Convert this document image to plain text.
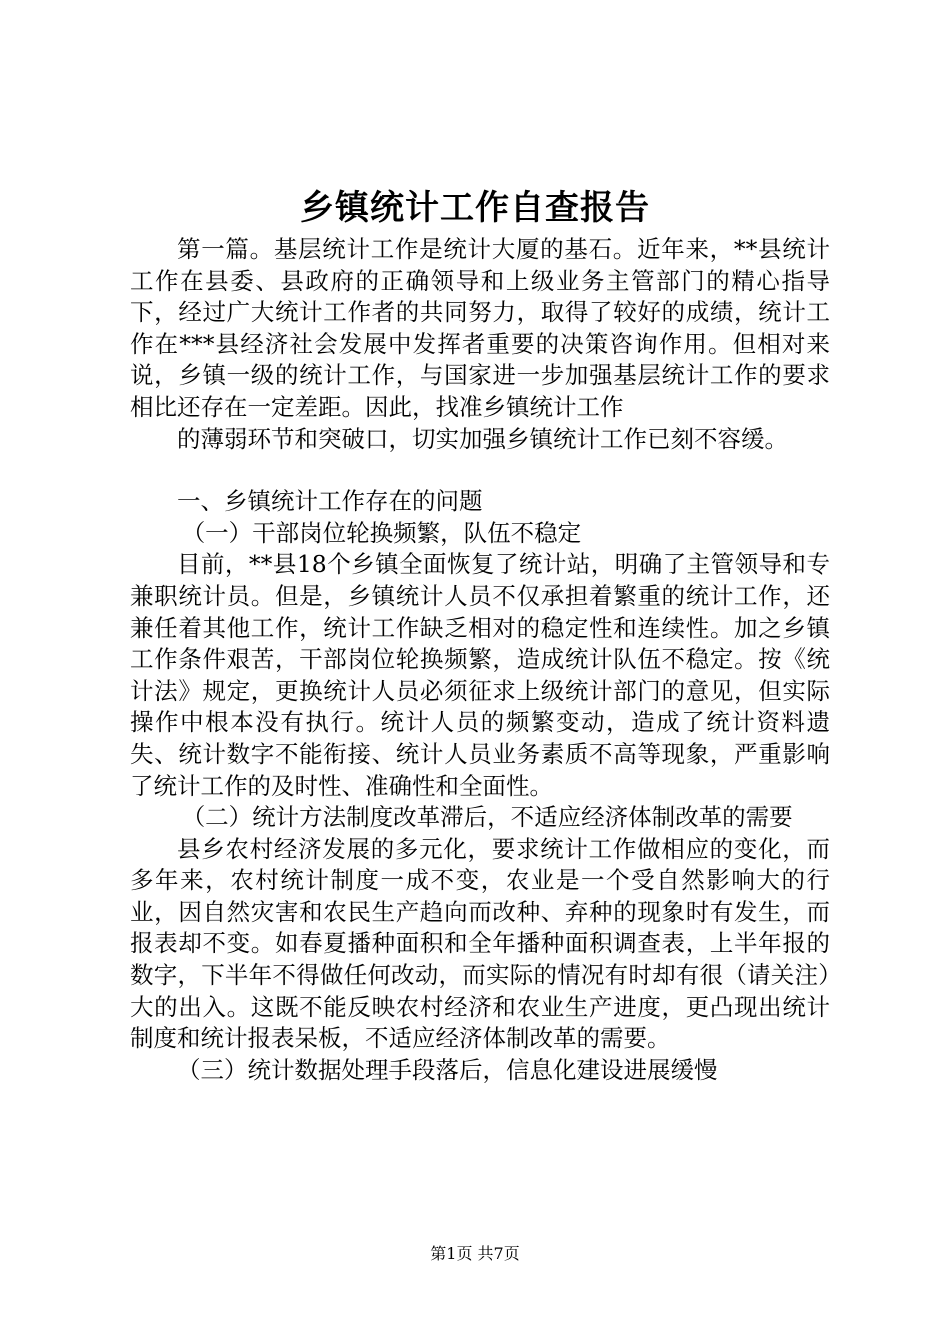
乡镇统计工作自查报告

第一篇。基层统计工作是统计大厦的基石。近年来，**县统计工作在县委、县政府的正确领导和上级业务主管部门的精心指导下，经过广大统计工作者的共同努力，取得了较好的成绩，统计工作在***县经济社会发展中发挥者重要的决策咨询作用。但相对来说，乡镇一级的统计工作，与国家进一步加强基层统计工作的要求相比还存在一定差距。因此，找准乡镇统计工作

的薄弱环节和突破口，切实加强乡镇统计工作已刻不容缓。

一、乡镇统计工作存在的问题

（一）干部岗位轮换频繁，队伍不稳定

目前，**县18个乡镇全面恢复了统计站，明确了主管领导和专兼职统计员。但是，乡镇统计人员不仅承担着繁重的统计工作，还兼任着其他工作，统计工作缺乏相对的稳定性和连续性。加之乡镇工作条件艰苦，干部岗位轮换频繁，造成统计队伍不稳定。按《统计法》规定，更换统计人员必须征求上级统计部门的意见，但实际操作中根本没有执行。统计人员的频繁变动，造成了统计资料遗失、统计数字不能衔接、统计人员业务素质不高等现象，严重影响了统计工作的及时性、准确性和全面性。

（二）统计方法制度改革滞后，不适应经济体制改革的需要

县乡农村经济发展的多元化，要求统计工作做相应的变化，而多年来，农村统计制度一成不变，农业是一个受自然影响大的行业，因自然灾害和农民生产趋向而改种、弃种的现象时有发生，而报表却不变。如春夏播种面积和全年播种面积调查表，上半年报的数字，下半年不得做任何改动，而实际的情况有时却有很（请关注）大的出入。这既不能反映农村经济和农业生产进度，更凸现出统计制度和统计报表呆板，不适应经济体制改革的需要。

（三）统计数据处理手段落后，信息化建设进展缓慢

第1页 共7页
